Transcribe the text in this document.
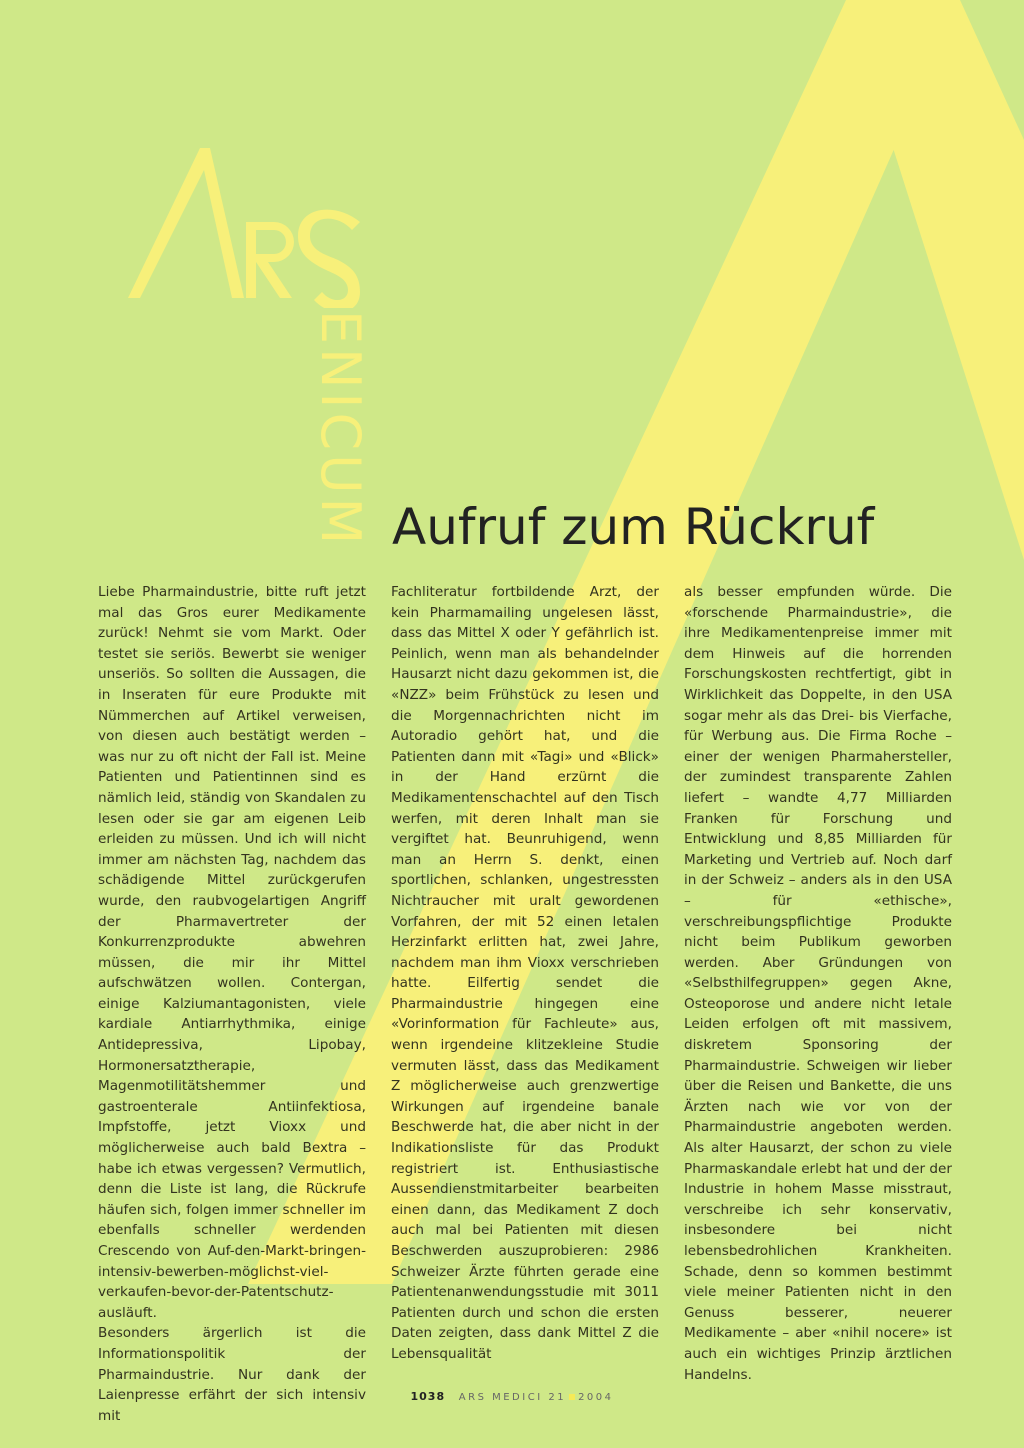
ENICUM Aufruf zum Rückruf

Liebe Pharmaindustrie, bitte ruft jetzt mal das Gros eurer Medikamente zurück! Nehmt sie vom Markt. Oder testet sie seriös. Bewerbt sie weniger unseriös. So sollten die Aussagen, die in Inseraten für eure Produkte mit Nümmerchen auf Artikel verweisen, von diesen auch bestätigt werden – was nur zu oft nicht der Fall ist. Meine Patienten und Patientinnen sind es nämlich leid, ständig von Skandalen zu lesen oder sie gar am eigenen Leib erleiden zu müssen. Und ich will nicht immer am nächsten Tag, nachdem das schädigende Mittel zurückgerufen wurde, den raubvogelartigen Angriff der Pharmavertreter der Konkurrenzprodukte abwehren müssen, die mir ihr Mittel aufschwätzen wollen. Contergan, einige Kalziumantagonisten, viele kardiale Antiarrhythmika, einige Antidepressiva, Lipobay, Hormonersatztherapie, Magenmotilitätshemmer und gastroenterale Antiinfektiosa, Impfstoffe, jetzt Vioxx und möglicherweise auch bald Bextra – habe ich etwas vergessen? Vermutlich, denn die Liste ist lang, die Rückrufe häufen sich, folgen immer schneller im ebenfalls schneller werdenden Crescendo von Auf-den-Markt-bringen-intensiv-bewerben-möglichst-viel-verkaufen-bevor-der-Patentschutz-ausläuft.

Besonders ärgerlich ist die Informationspolitik der Pharmaindustrie. Nur dank der Laienpresse erfährt der sich intensiv mit

Fachliteratur fortbildende Arzt, der kein Pharmamailing ungelesen lässt, dass das Mittel X oder Y gefährlich ist. Peinlich, wenn man als behandelnder Hausarzt nicht dazu gekommen ist, die «NZZ» beim Frühstück zu lesen und die Morgennachrichten nicht im Autoradio gehört hat, und die Patienten dann mit «Tagi» und «Blick» in der Hand erzürnt die Medikamentenschachtel auf den Tisch werfen, mit deren Inhalt man sie vergiftet hat. Beunruhigend, wenn man an Herrn S. denkt, einen sportlichen, schlanken, ungestressten Nichtraucher mit uralt gewordenen Vorfahren, der mit 52 einen letalen Herzinfarkt erlitten hat, zwei Jahre, nachdem man ihm Vioxx verschrieben hatte. Eilfertig sendet die Pharmaindustrie hingegen eine «Vorinformation für Fachleute» aus, wenn irgendeine klitzekleine Studie vermuten lässt, dass das Medikament Z möglicherweise auch grenzwertige Wirkungen auf irgendeine banale Beschwerde hat, die aber nicht in der Indikationsliste für das Produkt registriert ist. Enthusiastische Aussendienstmitarbeiter bearbeiten einen dann, das Medikament Z doch auch mal bei Patienten mit diesen Beschwerden auszuprobieren: 2986 Schweizer Ärzte führten gerade eine Patientenanwendungsstudie mit 3011 Patienten durch und schon die ersten Daten zeigten, dass dank Mittel Z die Lebensqualität

als besser empfunden würde. Die «forschende Pharmaindustrie», die ihre Medikamentenpreise immer mit dem Hinweis auf die horrenden Forschungskosten rechtfertigt, gibt in Wirklichkeit das Doppelte, in den USA sogar mehr als das Drei- bis Vierfache, für Werbung aus. Die Firma Roche – einer der wenigen Pharmahersteller, der zumindest transparente Zahlen liefert – wandte 4,77 Milliarden Franken für Forschung und Entwicklung und 8,85 Milliarden für Marketing und Vertrieb auf. Noch darf in der Schweiz – anders als in den USA – für «ethische», verschreibungspflichtige Produkte nicht beim Publikum geworben werden. Aber Gründungen von «Selbsthilfegruppen» gegen Akne, Osteoporose und andere nicht letale Leiden erfolgen oft mit massivem, diskretem Sponsoring der Pharmaindustrie. Schweigen wir lieber über die Reisen und Bankette, die uns Ärzten nach wie vor von der Pharmaindustrie angeboten werden. Als alter Hausarzt, der schon zu viele Pharmaskandale erlebt hat und der der Industrie in hohem Masse misstraut, verschreibe ich sehr konservativ, insbesondere bei nicht lebensbedrohlichen Krankheiten. Schade, denn so kommen bestimmt viele meiner Patienten nicht in den Genuss besserer, neuerer Medikamente – aber «nihil nocere» ist auch ein wichtiges Prinzip ärztlichen Handelns.

1038 ARS MEDICI 21 2004
